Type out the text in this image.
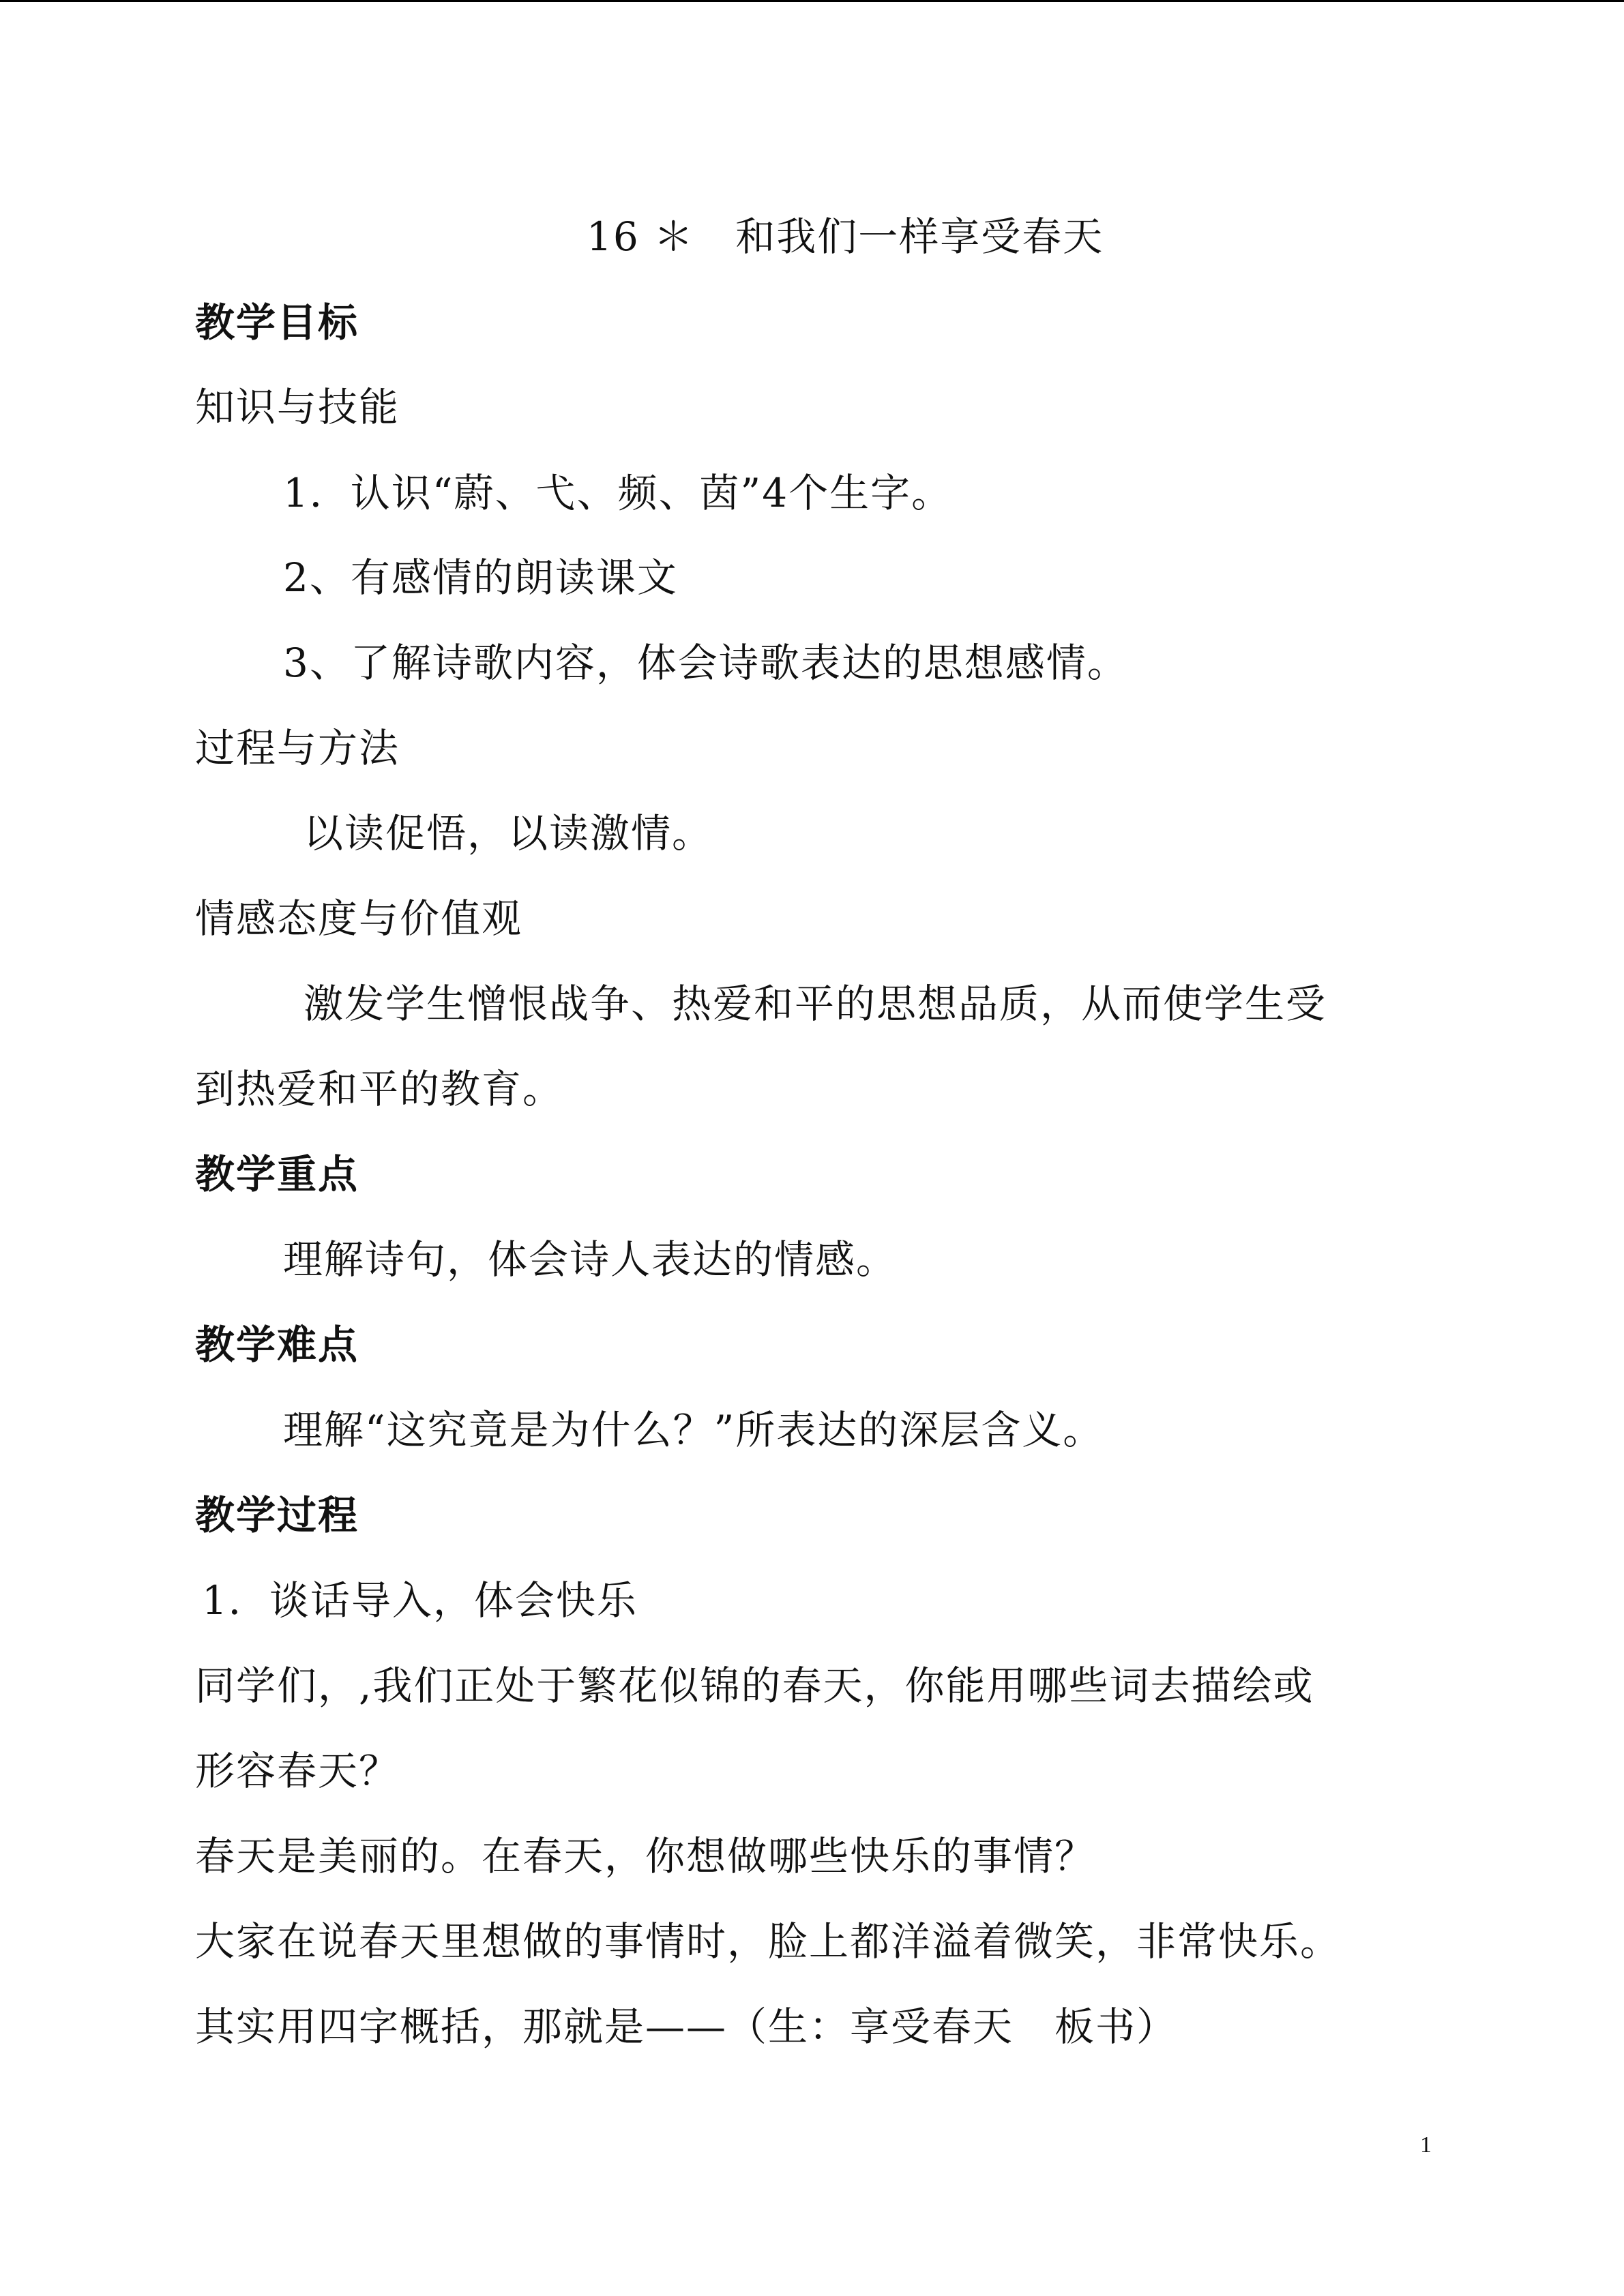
16 ＊　和我们一样享受春天
教学目标
知识与技能
1．认识“蔚、弋、频、茵”4个生字。
2、有感情的朗读课文
3、了解诗歌内容，体会诗歌表达的思想感情。
过程与方法
以读促悟，以读激情。
情感态度与价值观
激发学生憎恨战争、热爱和平的思想品质，从而使学生受
到热爱和平的教育。
教学重点
理解诗句，体会诗人表达的情感。
教学难点
理解“这究竟是为什么？”所表达的深层含义。
教学过程
1．谈话导入，体会快乐
同学们，,我们正处于繁花似锦的春天，你能用哪些词去描绘或
形容春天？
春天是美丽的。在春天，你想做哪些快乐的事情？
大家在说春天里想做的事情时，脸上都洋溢着微笑，非常快乐。
其实用四字概括，那就是——（生：享受春天　板书）
1
